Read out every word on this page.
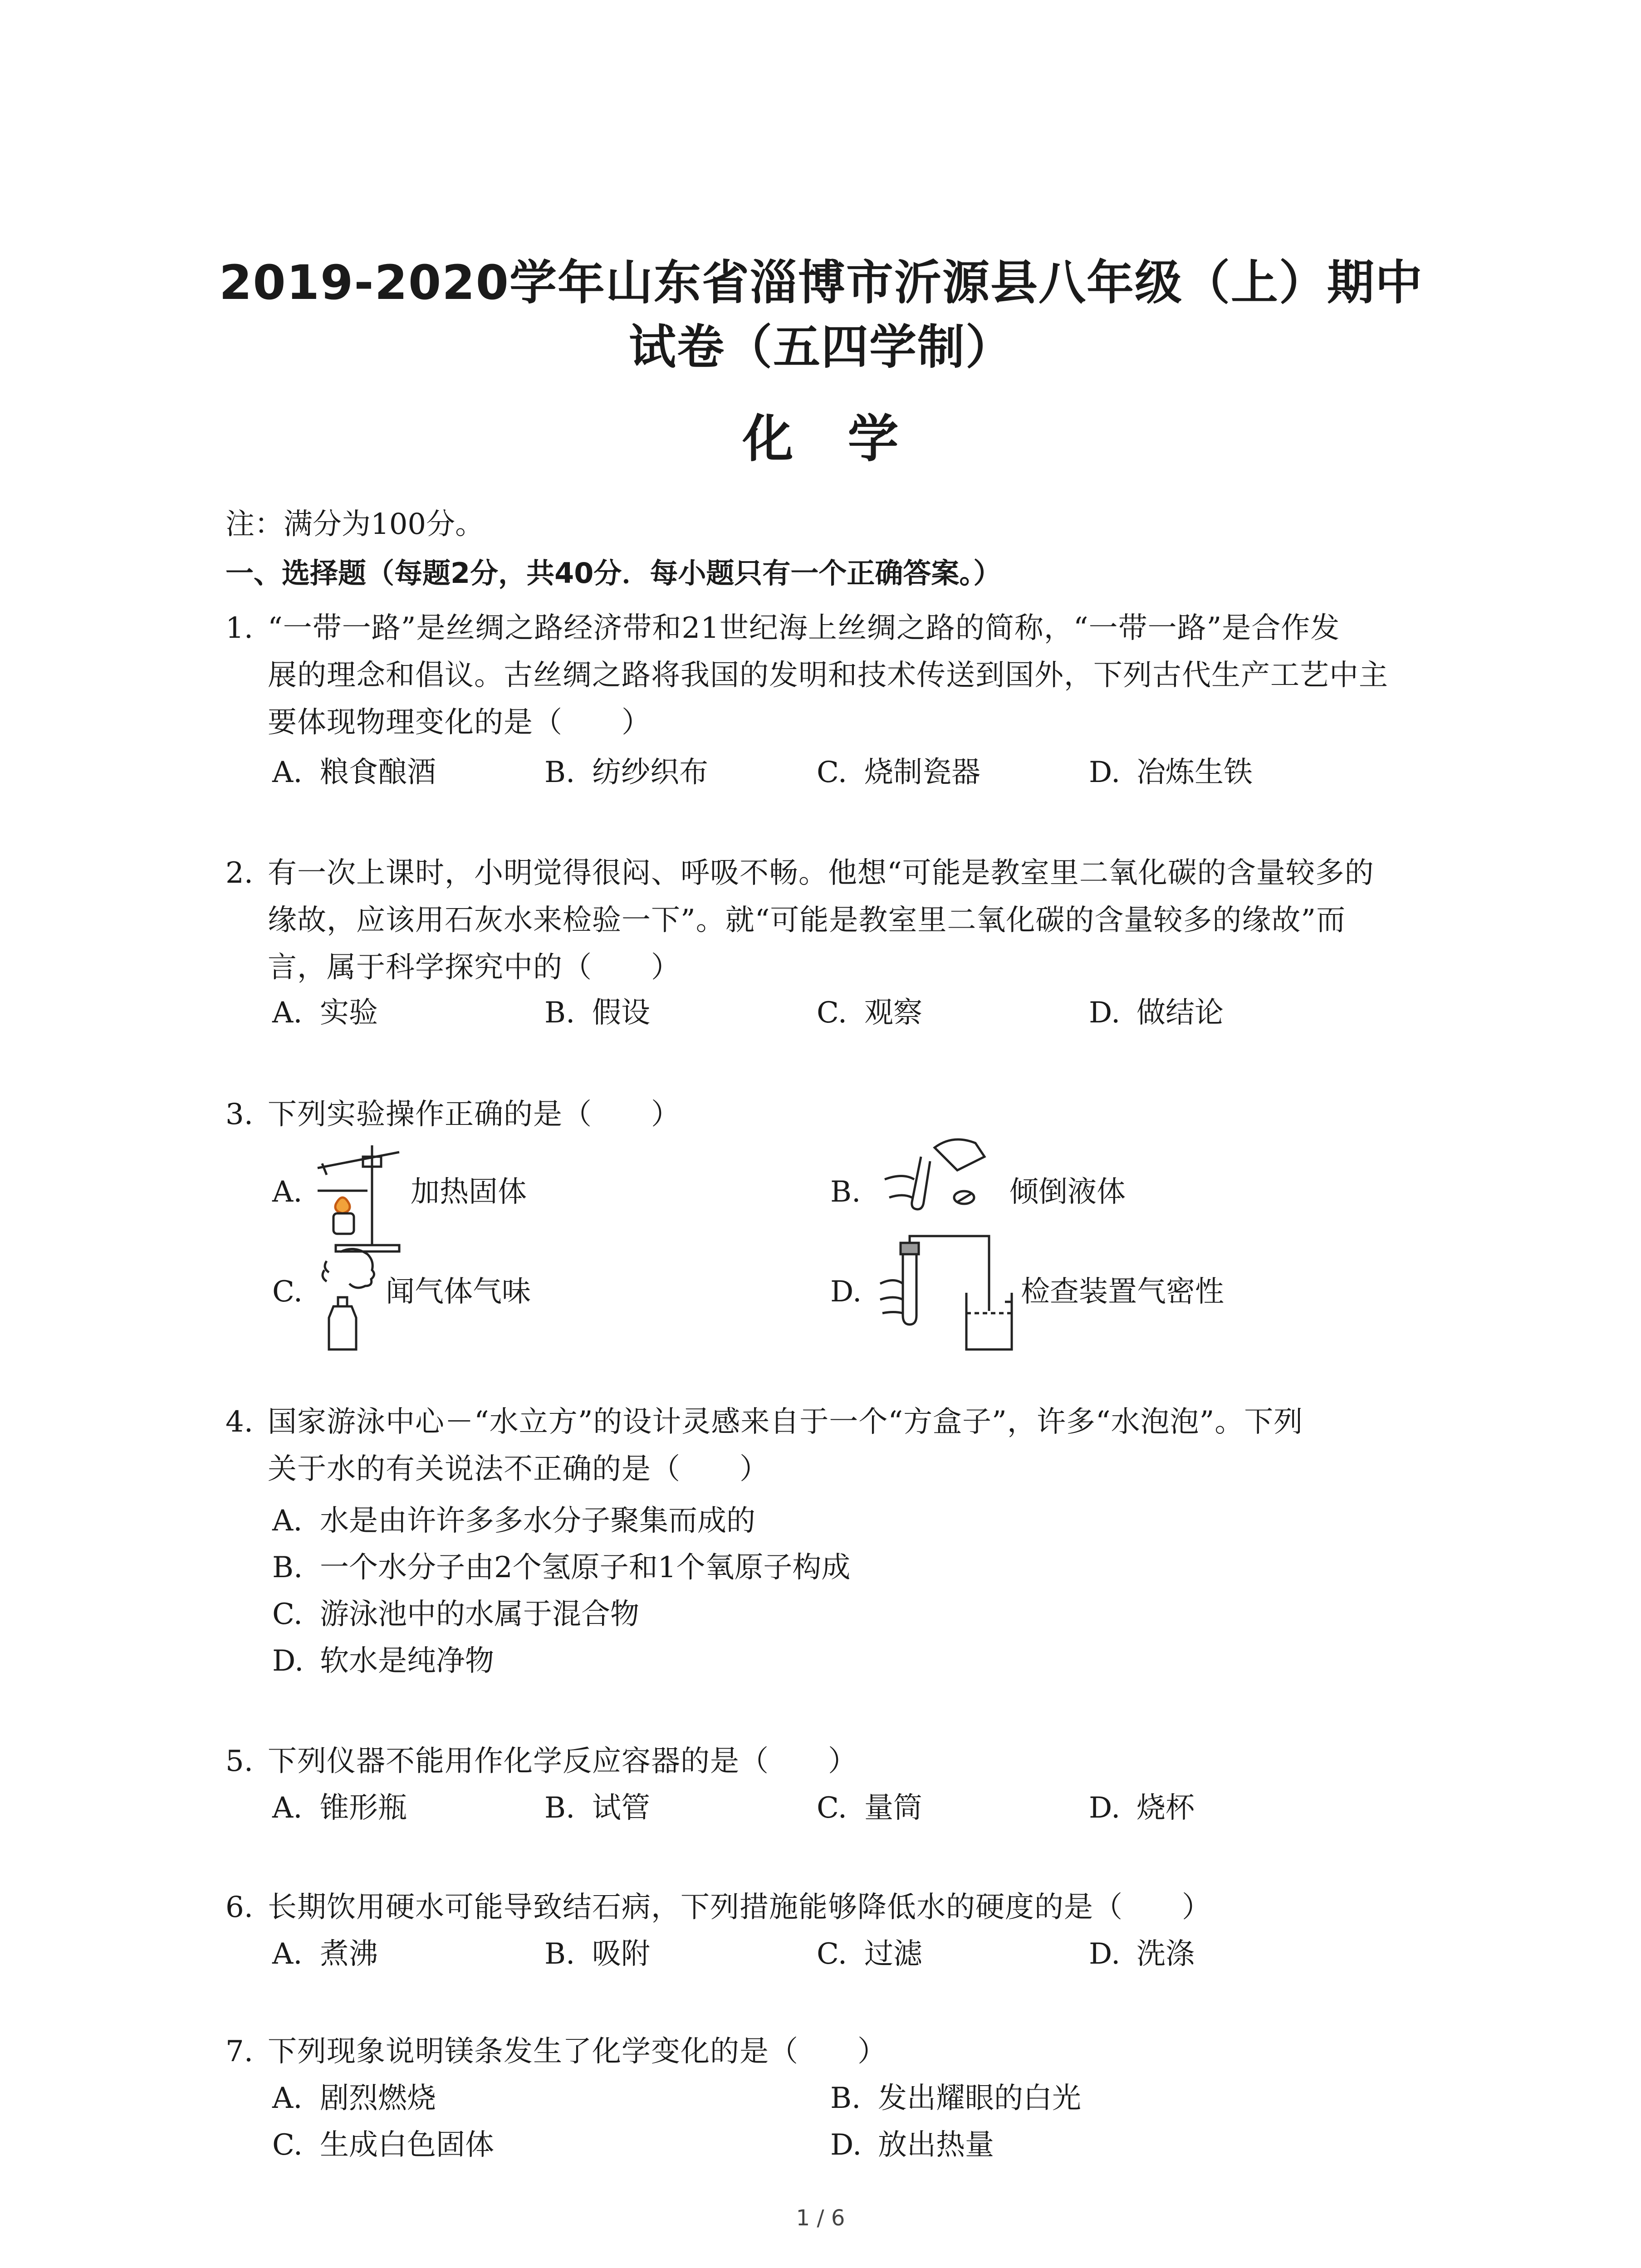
2019-2020学年山东省淄博市沂源县八年级（上）期中
试卷（五四学制）
化学
注：满分为100分。
一、选择题（每题2分，共40分．每小题只有一个正确答案。）
1. “一带一路”是丝绸之路经济带和21世纪海上丝绸之路的简称，“一带一路”是合作发
展的理念和倡议。古丝绸之路将我国的发明和技术传送到国外，下列古代生产工艺中主
要体现物理变化的是（　　）
A. 粮食酿酒	B. 纺纱织布	C. 烧制瓷器	D. 冶炼生铁
2. 有一次上课时，小明觉得很闷、呼吸不畅。他想“可能是教室里二氧化碳的含量较多的
缘故，应该用石灰水来检验一下”。就“可能是教室里二氧化碳的含量较多的缘故”而
言，属于科学探究中的（　　）
A. 实验	B. 假设	C. 观察	D. 做结论
3. 下列实验操作正确的是（　　）
A.	加热固体	B.	倾倒液体
C.	闻气体气味	D.	检查装置气密性
4. 国家游泳中心－“水立方”的设计灵感来自于一个“方盒子”，许多“水泡泡”。下列
关于水的有关说法不正确的是（　　）
A. 水是由许许多多水分子聚集而成的
B. 一个水分子由2个氢原子和1个氧原子构成
C. 游泳池中的水属于混合物
D. 软水是纯净物
5. 下列仪器不能用作化学反应容器的是（　　）
A. 锥形瓶	B. 试管	C. 量筒	D. 烧杯
6. 长期饮用硬水可能导致结石病，下列措施能够降低水的硬度的是（　　）
A. 煮沸	B. 吸附	C. 过滤	D. 洗涤
7. 下列现象说明镁条发生了化学变化的是（　　）
A. 剧烈燃烧	B. 发出耀眼的白光
C. 生成白色固体	D. 放出热量
1 / 6
